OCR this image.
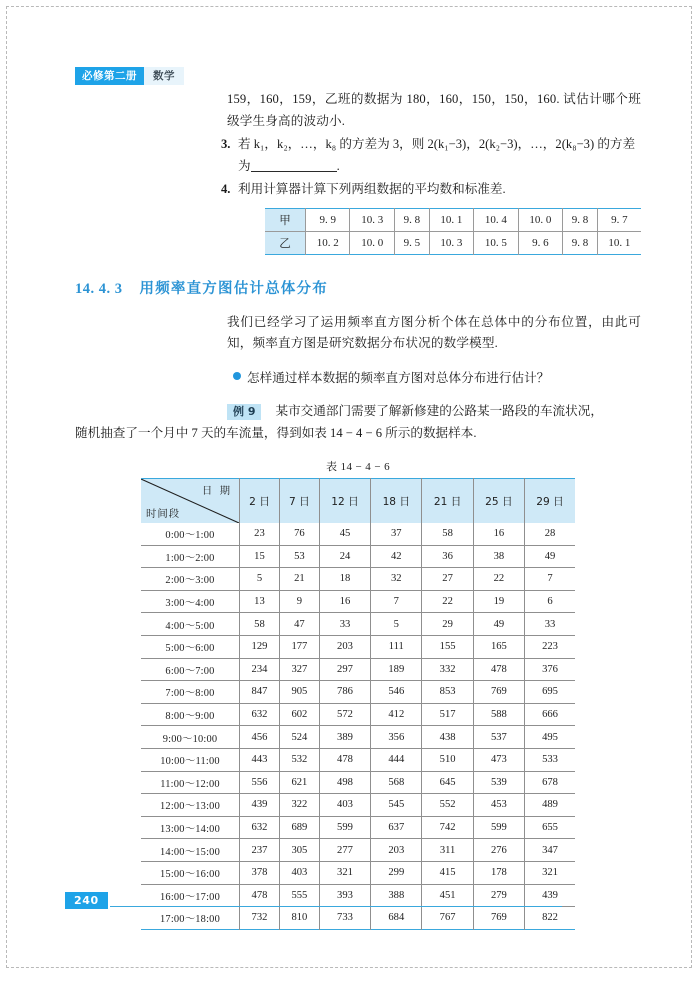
必修第二册	数学

159，160，159，乙班的数据为 180，160，150，150，160. 试估计哪个班级学生身高的波动小.

3. 若 k₁，k₂，…，k₈ 的方差为 3，则 2(k₁−3)，2(k₂−3)，…，2(k₈−3) 的方差
为	.
4. 利用计算器计算下列两组数据的平均数和标准差.
甲	9. 9	10. 3	9. 8	10. 1	10. 4	10. 0	9. 8	9. 7
乙	10. 2	10. 0	9. 5	10. 3	10. 5	9. 6	9. 8	10. 1
14. 4. 3 用频率直方图估计总体分布

我们已经学习了运用频率直方图分析个体在总体中的分布位置，由此可知，频率直方图是研究数据分布状况的数学模型.

怎样通过样本数据的频率直方图对总体分布进行估计？
例 9 某市交通部门需要了解新修建的公路某一路段的车流状况，
随机抽查了一个月中 7 天的车流量，得到如表 14 − 4 − 6 所示的数据样本.
表 14 − 4 − 6
日 期
时间段	2 日	7 日	12 日	18 日	21 日	25 日	29 日
0:00～1:00	23	76	45	37	58	16	28
1:00～2:00	15	53	24	42	36	38	49
2:00～3:00	5	21	18	32	27	22	7
3:00～4:00	13	9	16	7	22	19	6
4:00～5:00	58	47	33	5	29	49	33
5:00～6:00	129	177	203	111	155	165	223
6:00～7:00	234	327	297	189	332	478	376
7:00～8:00	847	905	786	546	853	769	695
8:00～9:00	632	602	572	412	517	588	666
9:00～10:00	456	524	389	356	438	537	495
10:00～11:00	443	532	478	444	510	473	533
11:00～12:00	556	621	498	568	645	539	678
12:00～13:00	439	322	403	545	552	453	489
13:00～14:00	632	689	599	637	742	599	655
14:00～15:00	237	305	277	203	311	276	347
15:00～16:00	378	403	321	299	415	178	321
16:00～17:00	478	555	393	388	451	279	439
17:00～18:00	732	810	733	684	767	769	822
240
